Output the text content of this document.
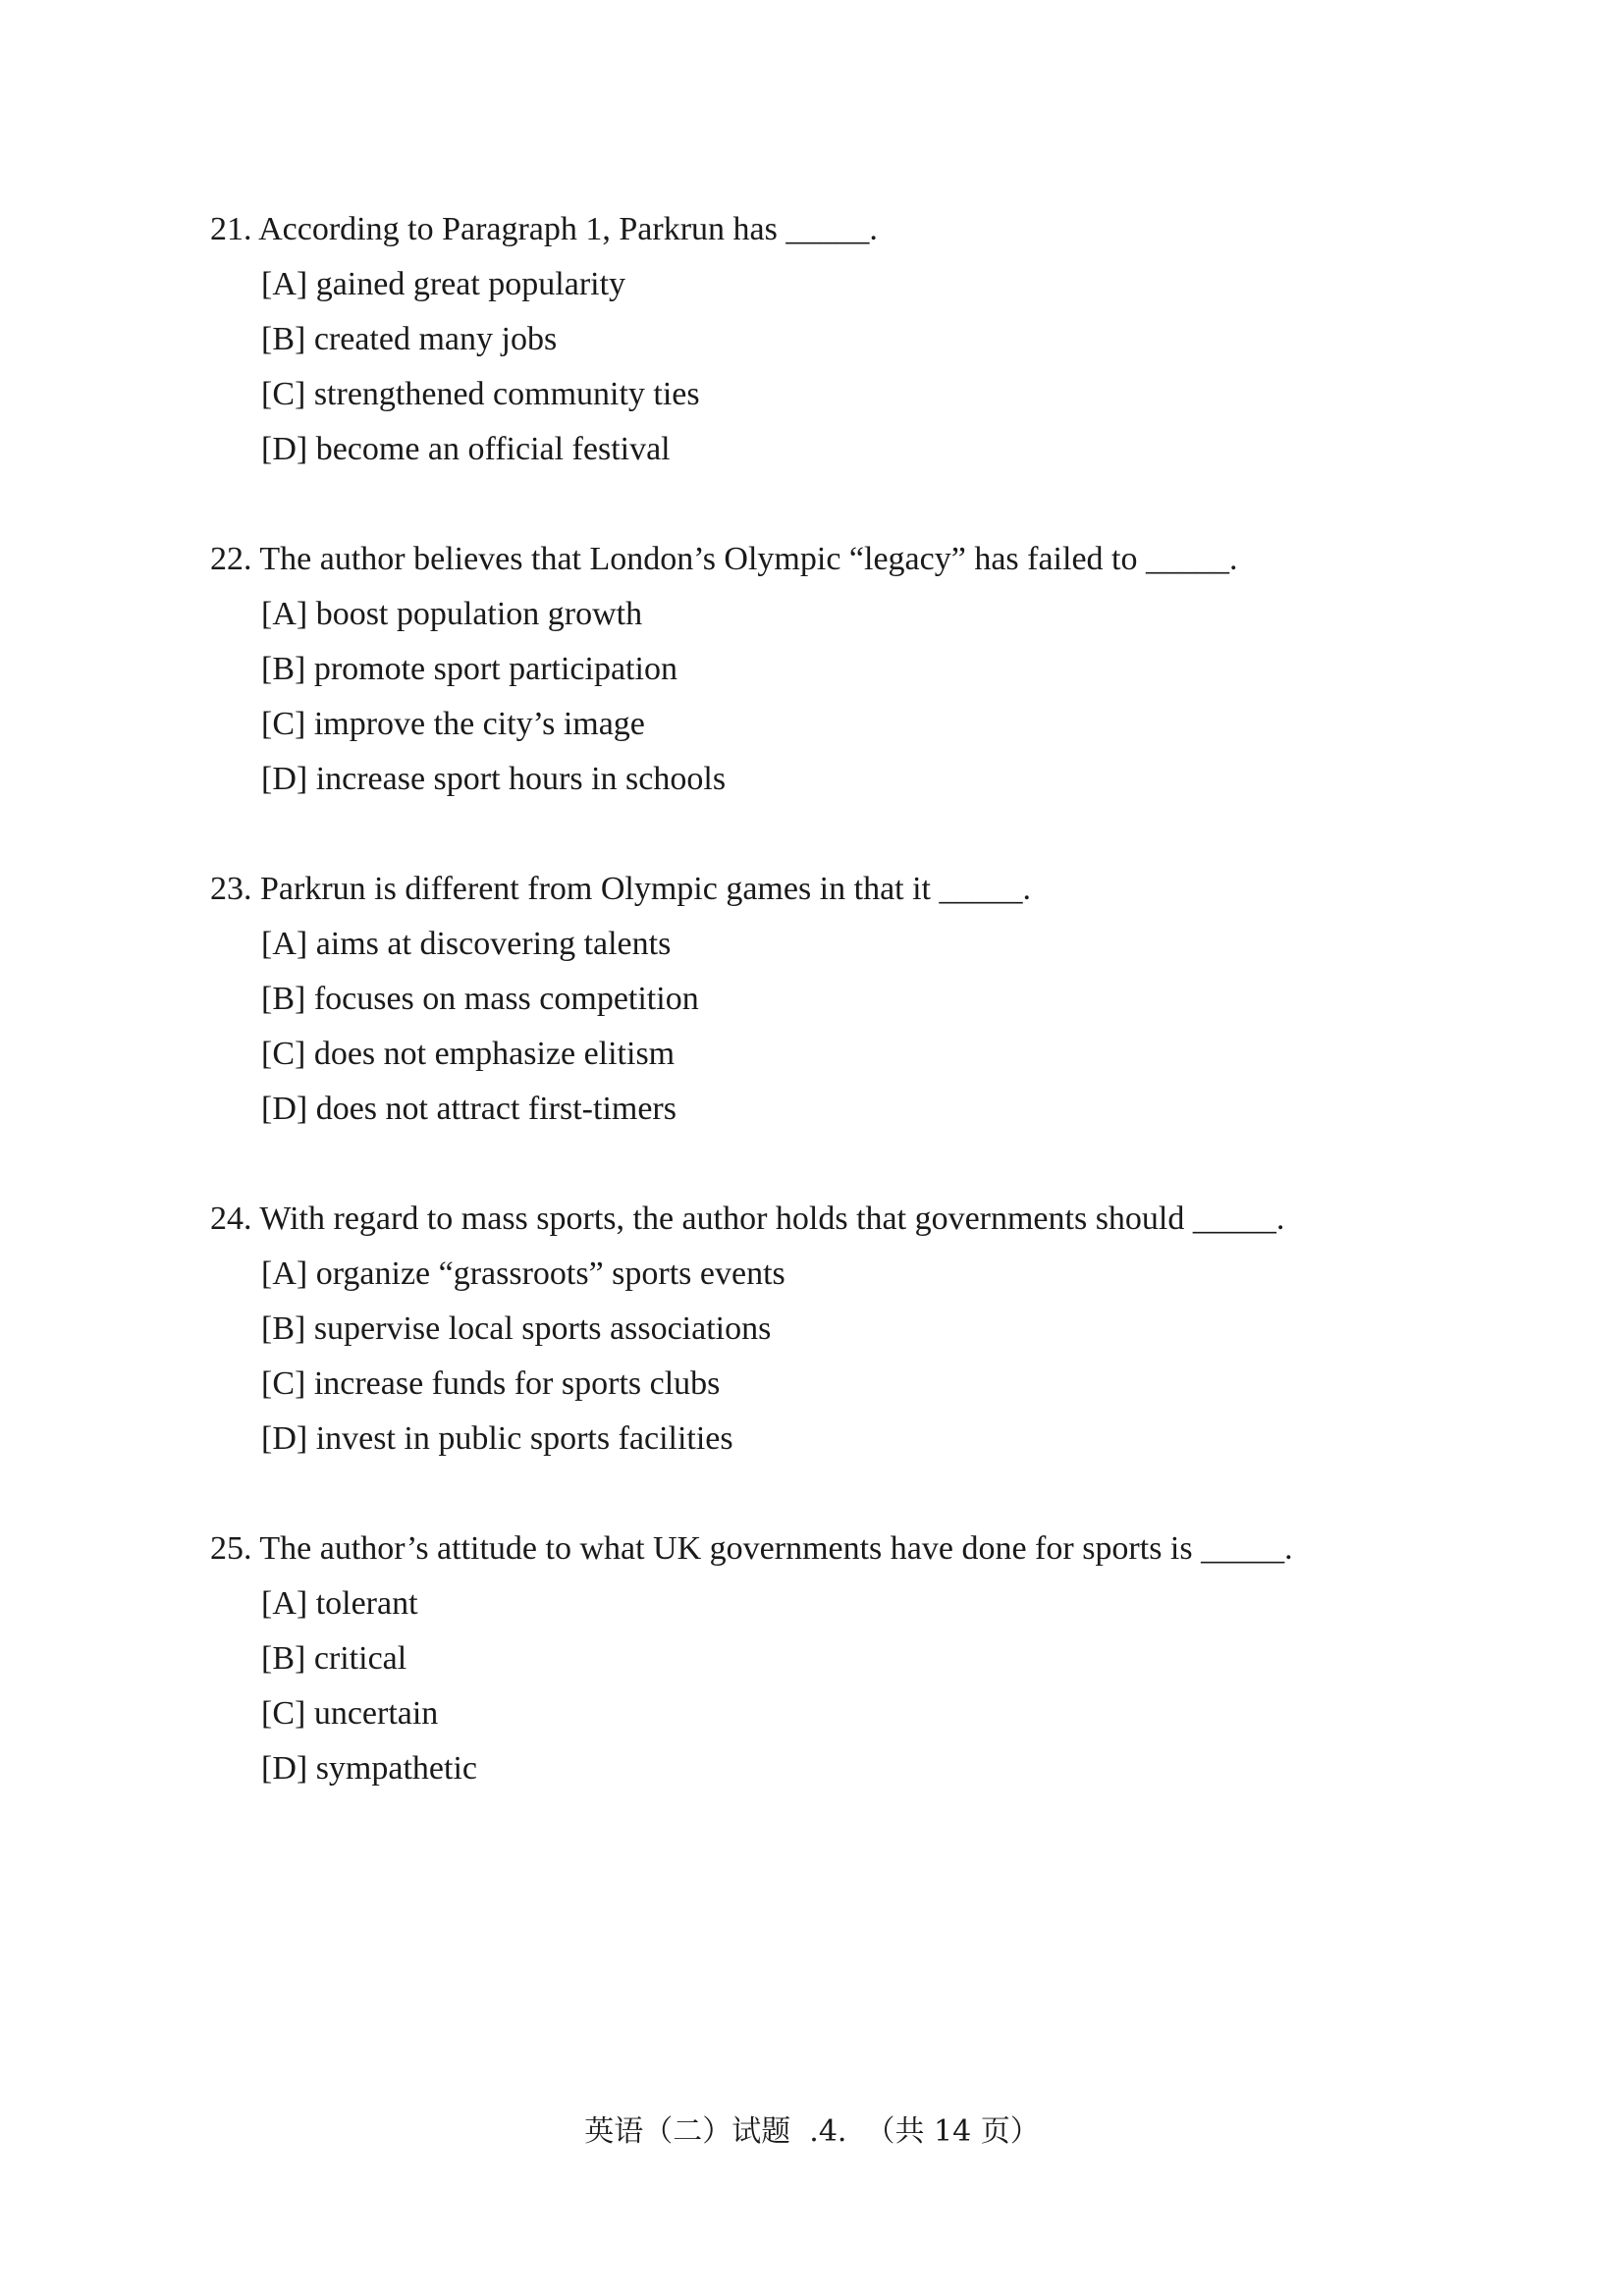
21. According to Paragraph 1, Parkrun has _____.
[A] gained great popularity
[B] created many jobs
[C] strengthened community ties
[D] become an official festival
22. The author believes that London’s Olympic “legacy” has failed to _____.
[A] boost population growth
[B] promote sport participation
[C] improve the city’s image
[D] increase sport hours in schools
23. Parkrun is different from Olympic games in that it _____.
[A] aims at discovering talents
[B] focuses on mass competition
[C] does not emphasize elitism
[D] does not attract first-timers
24. With regard to mass sports, the author holds that governments should _____.
[A] organize “grassroots” sports events
[B] supervise local sports associations
[C] increase funds for sports clubs
[D] invest in public sports facilities
25. The author’s attitude to what UK governments have done for sports is _____.
[A] tolerant
[B] critical
[C] uncertain
[D] sympathetic
英语（二）试题  .4.  （共 14 页）
